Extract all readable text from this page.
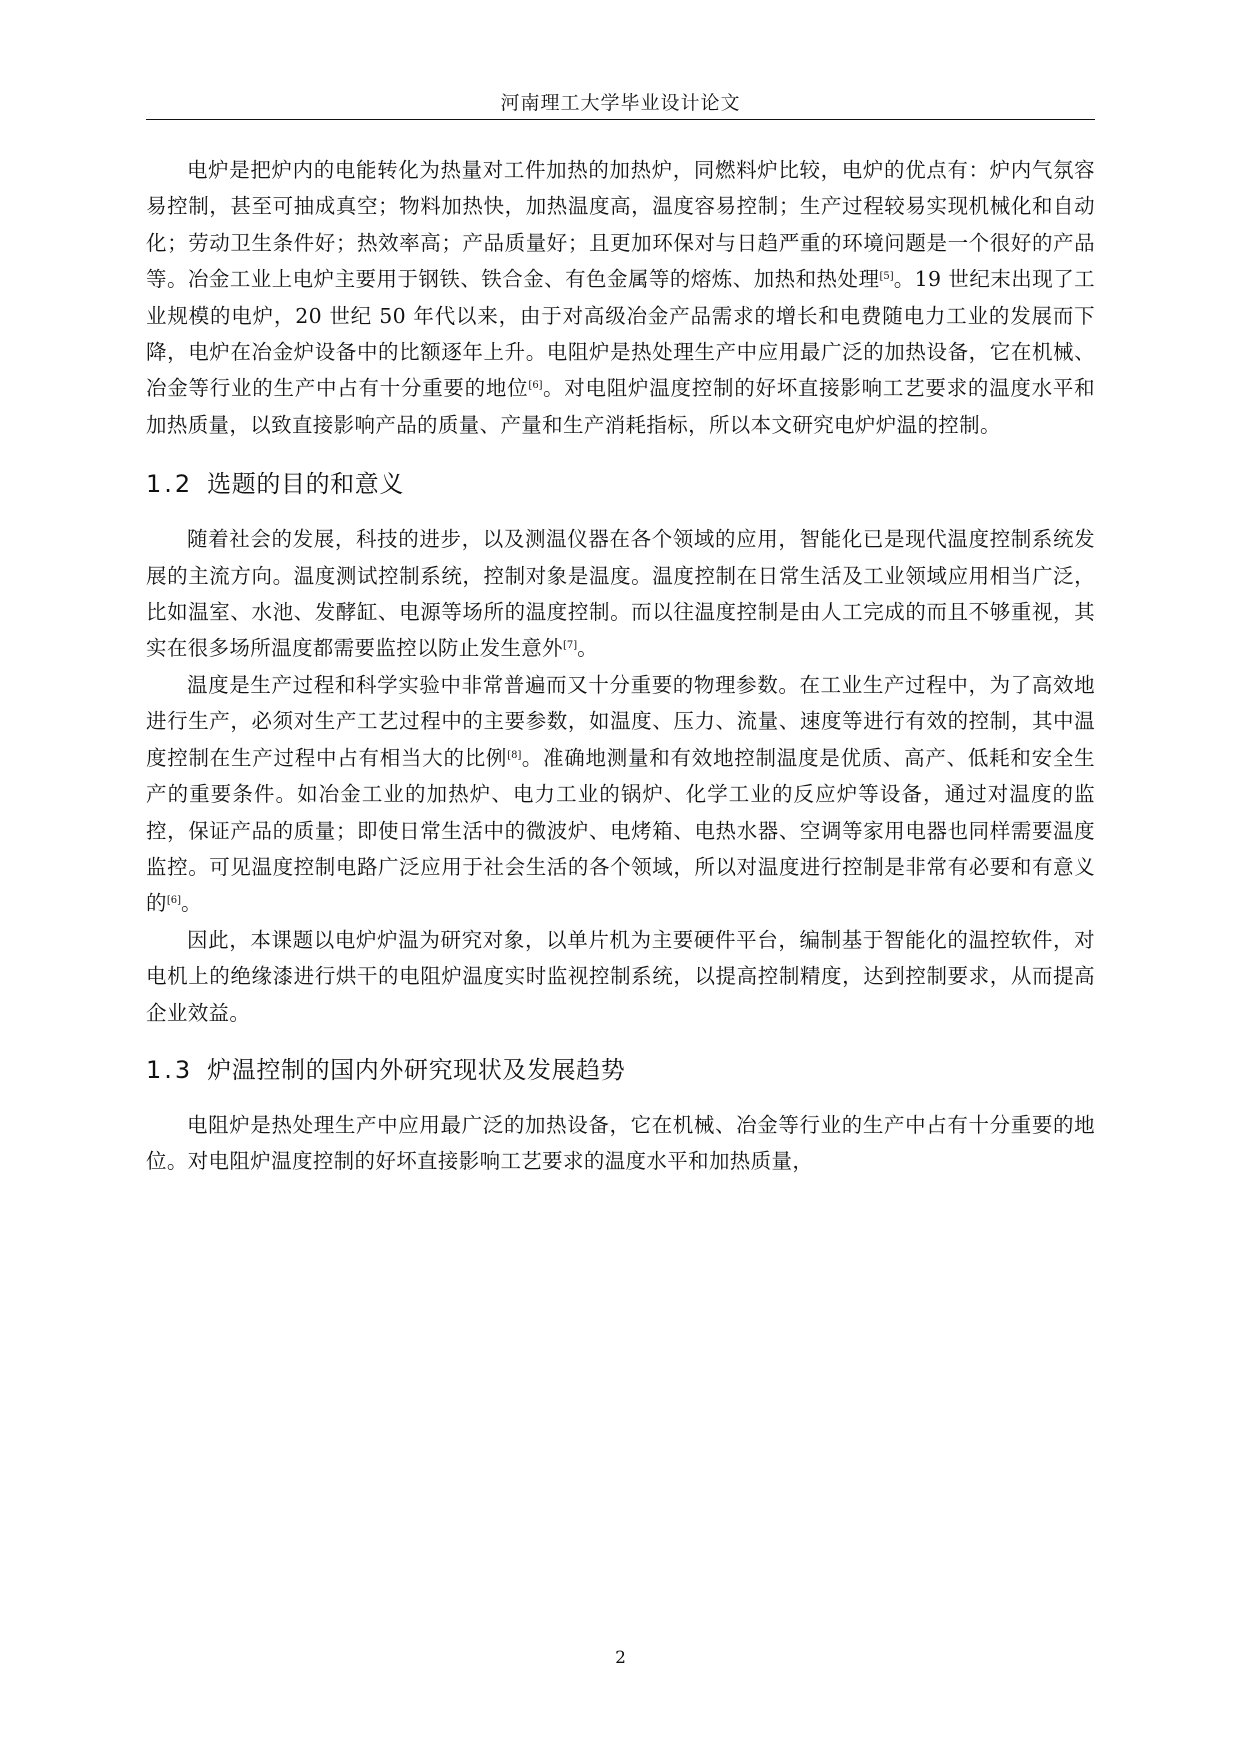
河南理工大学毕业设计论文

电炉是把炉内的电能转化为热量对工件加热的加热炉，同燃料炉比较，电炉的优点有：炉内气氛容易控制，甚至可抽成真空；物料加热快，加热温度高，温度容易控制；生产过程较易实现机械化和自动化；劳动卫生条件好；热效率高；产品质量好；且更加环保对与日趋严重的环境问题是一个很好的产品等。冶金工业上电炉主要用于钢铁、铁合金、有色金属等的熔炼、加热和热处理[5]。19 世纪末出现了工业规模的电炉，20 世纪 50 年代以来，由于对高级冶金产品需求的增长和电费随电力工业的发展而下降，电炉在冶金炉设备中的比额逐年上升。电阻炉是热处理生产中应用最广泛的加热设备，它在机械、冶金等行业的生产中占有十分重要的地位[6]。对电阻炉温度控制的好坏直接影响工艺要求的温度水平和加热质量，以致直接影响产品的质量、产量和生产消耗指标，所以本文研究电炉炉温的控制。

1.2 选题的目的和意义

随着社会的发展，科技的进步，以及测温仪器在各个领域的应用，智能化已是现代温度控制系统发展的主流方向。温度测试控制系统，控制对象是温度。温度控制在日常生活及工业领域应用相当广泛，比如温室、水池、发酵缸、电源等场所的温度控制。而以往温度控制是由人工完成的而且不够重视，其实在很多场所温度都需要监控以防止发生意外[7]。

温度是生产过程和科学实验中非常普遍而又十分重要的物理参数。在工业生产过程中，为了高效地进行生产，必须对生产工艺过程中的主要参数，如温度、压力、流量、速度等进行有效的控制，其中温度控制在生产过程中占有相当大的比例[8]。准确地测量和有效地控制温度是优质、高产、低耗和安全生产的重要条件。如冶金工业的加热炉、电力工业的锅炉、化学工业的反应炉等设备，通过对温度的监控，保证产品的质量；即使日常生活中的微波炉、电烤箱、电热水器、空调等家用电器也同样需要温度监控。可见温度控制电路广泛应用于社会生活的各个领域，所以对温度进行控制是非常有必要和有意义的[6]。

因此，本课题以电炉炉温为研究对象，以单片机为主要硬件平台，编制基于智能化的温控软件，对电机上的绝缘漆进行烘干的电阻炉温度实时监视控制系统，以提高控制精度，达到控制要求，从而提高企业效益。

1.3 炉温控制的国内外研究现状及发展趋势

电阻炉是热处理生产中应用最广泛的加热设备，它在机械、冶金等行业的生产中占有十分重要的地位。对电阻炉温度控制的好坏直接影响工艺要求的温度水平和加热质量，

2
